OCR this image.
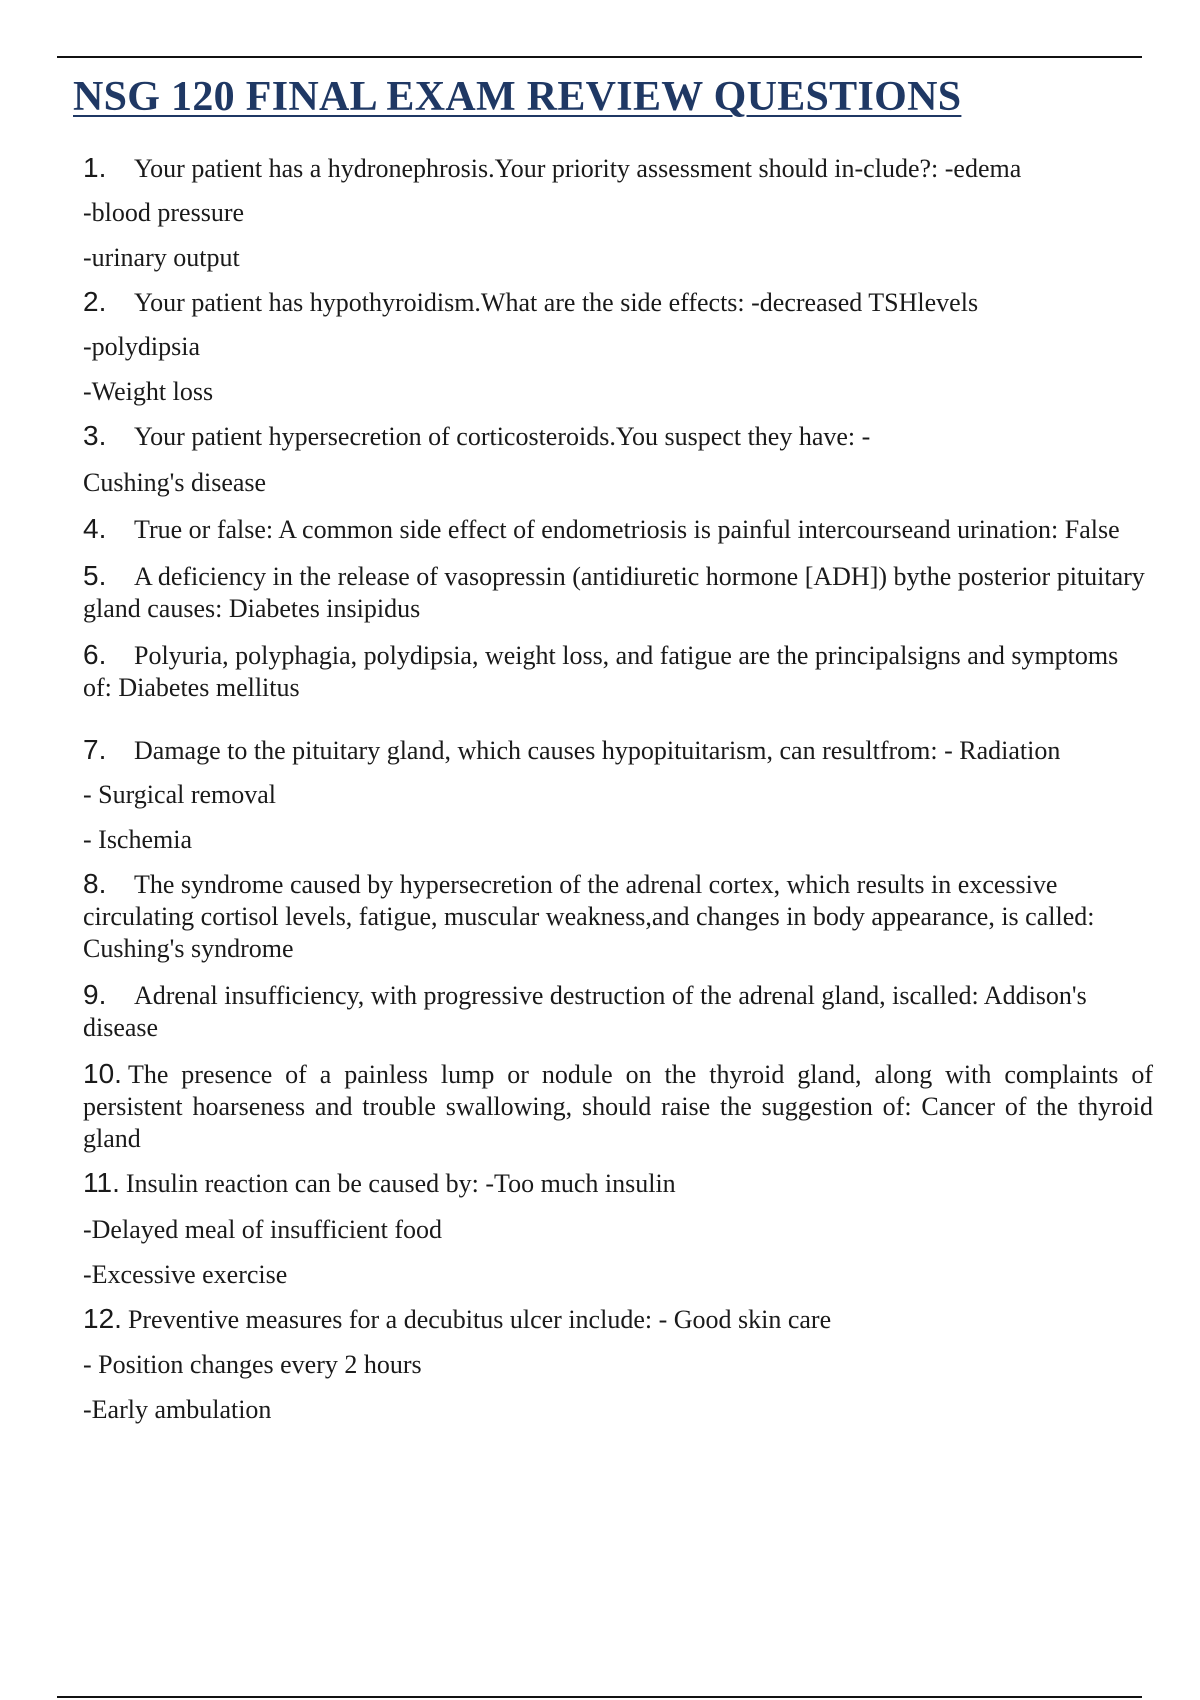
NSG 120 FINAL EXAM REVIEW QUESTIONS

1. Your patient has a hydronephrosis.Your priority assessment should in-clude?: -edema

-blood pressure

-urinary output

2. Your patient has hypothyroidism.What are the side effects: -decreased TSHlevels

-polydipsia

-Weight loss

3. Your patient hypersecretion of corticosteroids.You suspect they have: -

Cushing's disease

4. True or false: A common side effect of endometriosis is painful intercourseand urination: False

5. A deficiency in the release of vasopressin (antidiuretic hormone [ADH]) bythe posterior pituitary gland causes: Diabetes insipidus

6. Polyuria, polyphagia, polydipsia, weight loss, and fatigue are the principalsigns and symptoms of: Diabetes mellitus

7. Damage to the pituitary gland, which causes hypopituitarism, can resultfrom: - Radiation

- Surgical removal

- Ischemia

8. The syndrome caused by hypersecretion of the adrenal cortex, which results in excessive circulating cortisol levels, fatigue, muscular weakness,and changes in body appearance, is called: Cushing's syndrome

9. Adrenal insufficiency, with progressive destruction of the adrenal gland, iscalled: Addison's disease

10. The presence of a painless lump or nodule on the thyroid gland, along with complaints of persistent hoarseness and trouble swallowing, should raise the suggestion of: Cancer of the thyroid gland

11. Insulin reaction can be caused by: -Too much insulin

-Delayed meal of insufficient food

-Excessive exercise

12. Preventive measures for a decubitus ulcer include: - Good skin care

- Position changes every 2 hours

-Early ambulation
